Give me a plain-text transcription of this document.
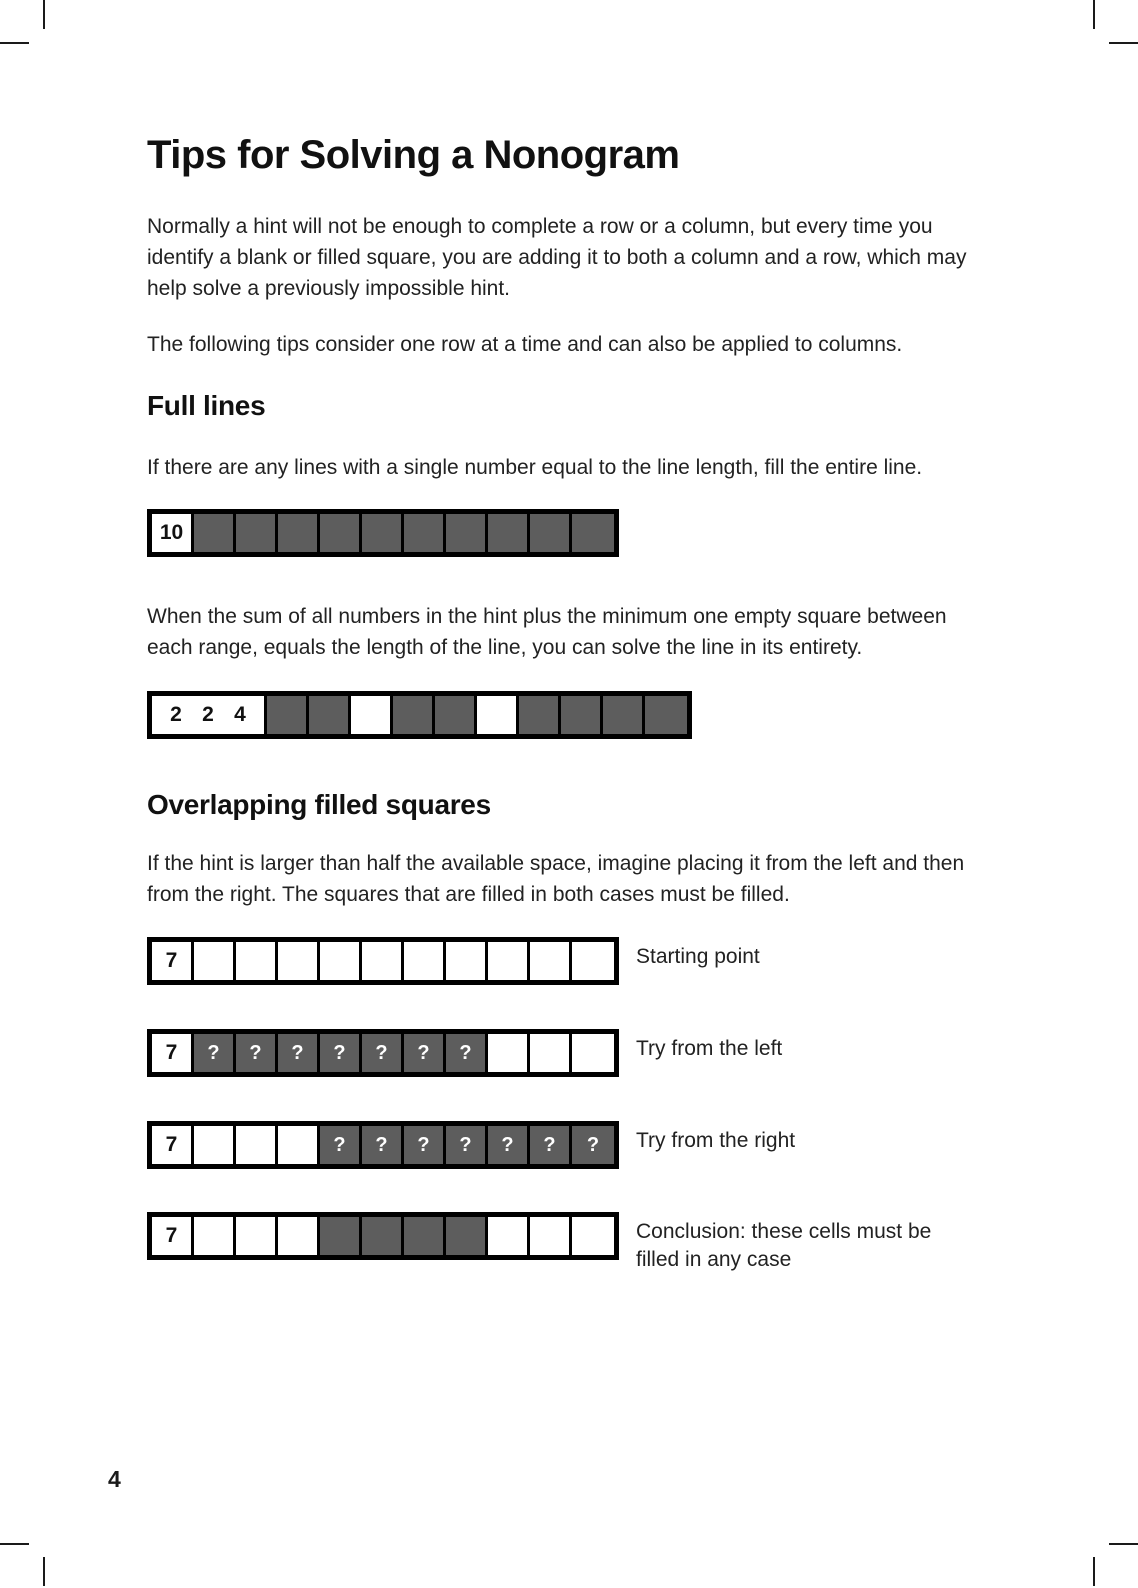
Tips for Solving a Nonogram

Normally a hint will not be enough to complete a row or a column, but every time you identify a blank or filled square, you are adding it to both a column and a row, which may help solve a previously impossible hint.

The following tips consider one row at a time and can also be applied to columns.

Full lines

If there are any lines with a single number equal to the line length, fill the entire line.

10

When the sum of all numbers in the hint plus the minimum one empty square between each range, equals the length of the line, you can solve the line in its entirety.

2 2 4
Overlapping filled squares

If the hint is larger than half the available space, imagine placing it from the left and then from the right. The squares that are filled in both cases must be filled.

7	Starting point
7	?	?	?	?	?	?	?	Try from the left
7	?	?	?	?	?	?	?	Try from the right
7	Conclusion: these cells must be filled in any case
4
